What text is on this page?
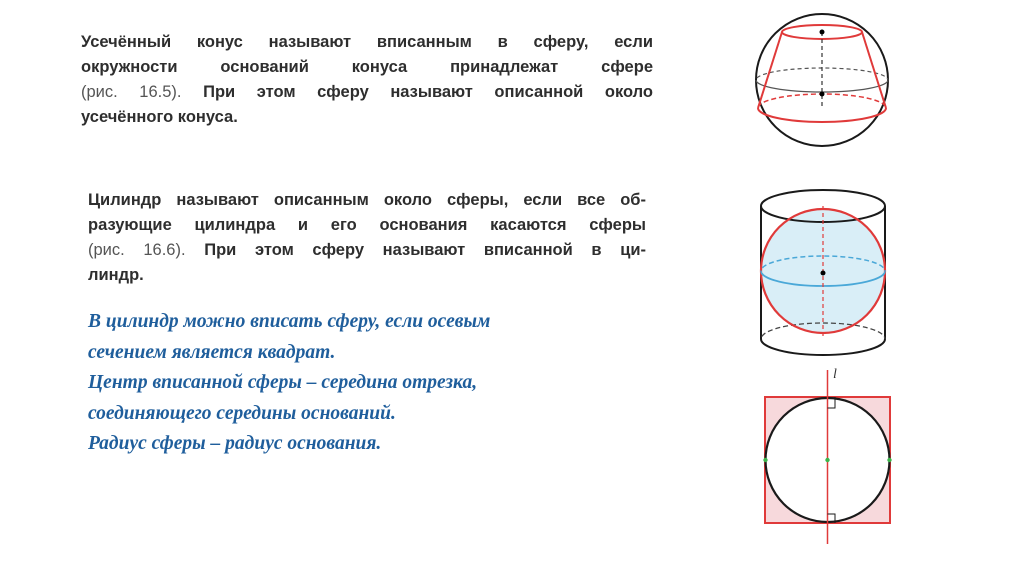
Усечённый конус называют вписанным в сферу, если
окружности оснований конуса принадлежат сфере
(рис. 16.5). При этом сферу называют описанной около
усечённого конуса.
Цилиндр называют описанным около сферы, если все об-
разующие цилиндра и его основания касаются сферы
(рис. 16.6). При этом сферу называют вписанной в ци-
линдр.
В цилиндр можно вписать сферу, если осевым
сечением является квадрат.
Центр вписанной сферы – середина отрезка,
соединяющего середины оснований.
Радиус сферы – радиус основания.
l
